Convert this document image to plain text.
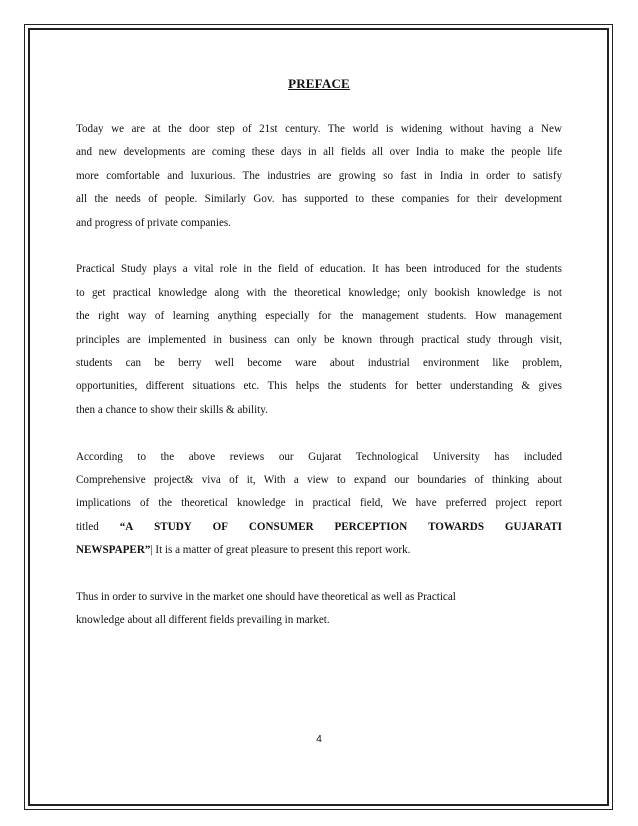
PREFACE

Today we are at the door step of 21st century. The world is widening without having a New
and new developments are coming these days in all fields all over India to make the people life
more comfortable and luxurious. The industries are growing so fast in India in order to satisfy
all the needs of people. Similarly Gov. has supported to these companies for their development
and progress of private companies.

Practical Study plays a vital role in the field of education. It has been introduced for the students
to get practical knowledge along with the theoretical knowledge; only bookish knowledge is not
the right way of learning anything especially for the management students. How management
principles are implemented in business can only be known through practical study through visit,
students can be berry well become ware about industrial environment like problem,
opportunities, different situations etc. This helps the students for better understanding & gives
then a chance to show their skills & ability.

According to the above reviews our Gujarat Technological University has included
Comprehensive project& viva of it, With a view to expand our boundaries of thinking about
implications of the theoretical knowledge in practical field, We have preferred project report
titled “A STUDY OF CONSUMER PERCEPTION TOWARDS GUJARATI
NEWSPAPER”| It is a matter of great pleasure to present this report work.

Thus in order to survive in the market one should have theoretical as well as Practical
knowledge about all different fields prevailing in market.

4
